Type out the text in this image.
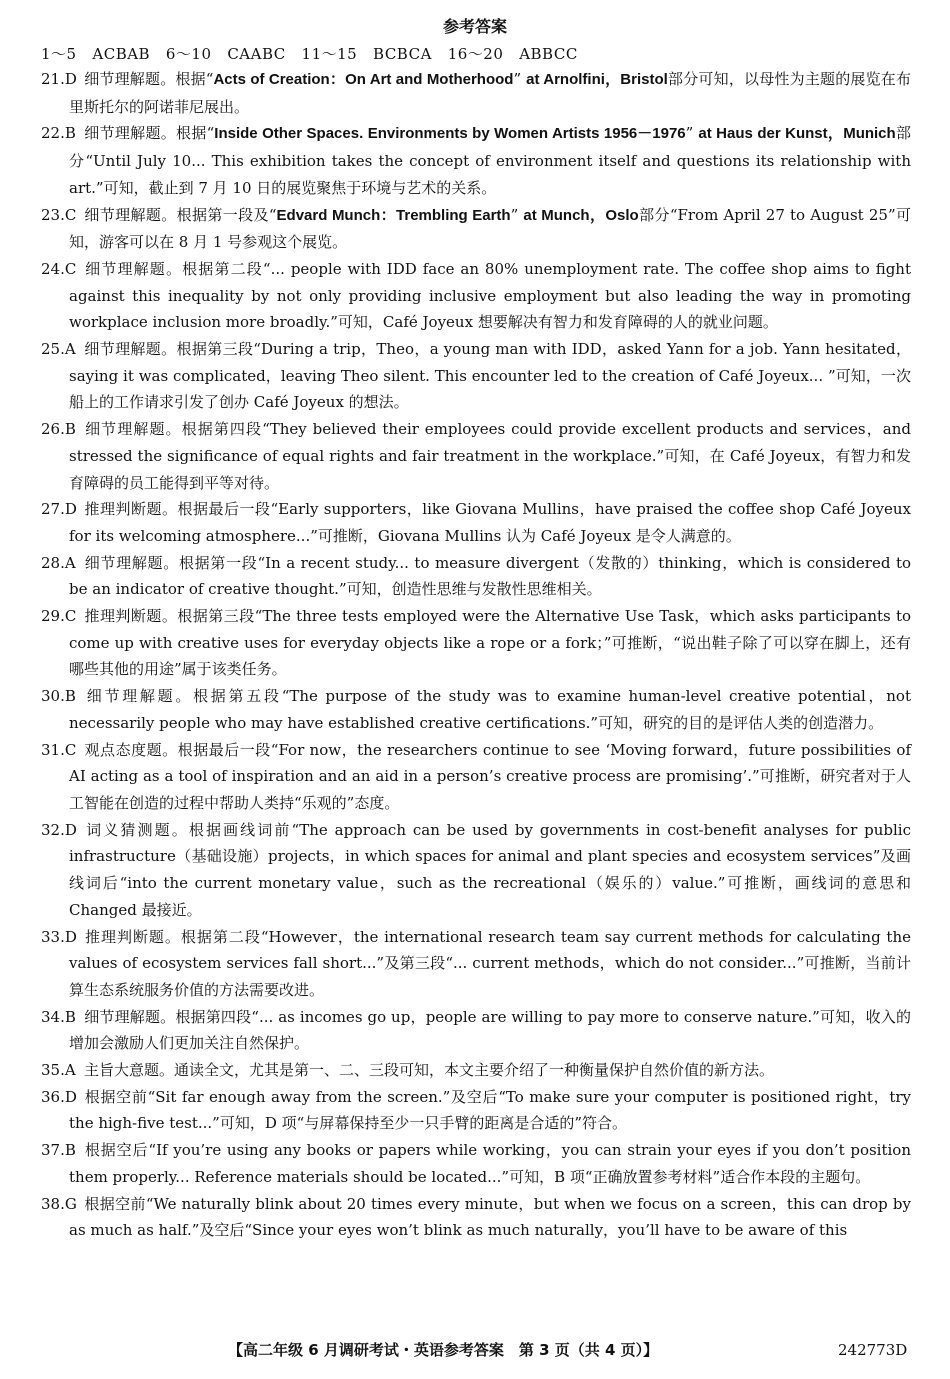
参考答案
1～5   ACBAB   6～10   CAABC   11～15   BCBCA   16～20   ABBCC
21.D
  细节理解题。根据“Acts of Creation：On Art and Motherhood” at Arnolfini，Bristol部分可知，以母性为主题的展览在布里斯托尔的阿诺菲尼展出。
22.B
  细节理解题。根据“Inside Other Spaces. Environments by Women Artists 1956－1976” at Haus der Kunst，Munich部分“Until July 10... This exhibition takes the concept of environment itself and questions its relationship with art.”可知，截止到 7 月 10 日的展览聚焦于环境与艺术的关系。
23.C
  细节理解题。根据第一段及“Edvard Munch：Trembling Earth” at Munch，Oslo部分“From April 27 to August 25”可知，游客可以在 8 月 1 号参观这个展览。
24.C
  细节理解题。根据第二段“... people with IDD face an 80% unemployment rate. The coffee shop aims to fight against this inequality by not only providing inclusive employment but also leading the way in promoting workplace inclusion more broadly.”可知，Café Joyeux 想要解决有智力和发育障碍的人的就业问题。
25.A
  细节理解题。根据第三段“During a trip，Theo，a young man with IDD，asked Yann for a job. Yann hesitated，saying it was complicated，leaving Theo silent. This encounter led to the creation of Café Joyeux... ”可知，一次船上的工作请求引发了创办 Café Joyeux 的想法。
26.B
  细节理解题。根据第四段“They believed their employees could provide excellent products and services，and stressed the significance of equal rights and fair treatment in the workplace.”可知，在 Café Joyeux，有智力和发育障碍的员工能得到平等对待。
27.D
  推理判断题。根据最后一段“Early supporters，like Giovana Mullins，have praised the coffee shop Café Joyeux for its welcoming atmosphere...”可推断，Giovana Mullins 认为 Café Joyeux 是令人满意的。
28.A
  细节理解题。根据第一段“In a recent study... to measure divergent（发散的）thinking，which is considered to be an indicator of creative thought.”可知，创造性思维与发散性思维相关。
29.C
  推理判断题。根据第三段“The three tests employed were the Alternative Use Task，which asks participants to come up with creative uses for everyday objects like a rope or a fork；”可推断，“说出鞋子除了可以穿在脚上，还有哪些其他的用途”属于该类任务。
30.B
  细节理解题。根据第五段“The purpose of the study was to examine human-level creative potential，not necessarily people who may have established creative certifications.”可知，研究的目的是评估人类的创造潜力。
31.C
  观点态度题。根据最后一段“For now，the researchers continue to see ‘Moving forward，future possibilities of AI acting as a tool of inspiration and an aid in a person’s creative process are promising’.”可推断，研究者对于人工智能在创造的过程中帮助人类持“乐观的”态度。
32.D
  词义猜测题。根据画线词前“The approach can be used by governments in cost-benefit analyses for public infrastructure（基础设施）projects，in which spaces for animal and plant species and ecosystem services”及画线词后“into the current monetary value，such as the recreational（娱乐的）value.”可推断，画线词的意思和 Changed 最接近。
33.D
  推理判断题。根据第二段“However，the international research team say current methods for calculating the values of ecosystem services fall short...”及第三段“... current methods，which do not consider...”可推断，当前计算生态系统服务价值的方法需要改进。
34.B
  细节理解题。根据第四段“... as incomes go up，people are willing to pay more to conserve nature.”可知，收入的增加会激励人们更加关注自然保护。
35.A
  主旨大意题。通读全文，尤其是第一、二、三段可知，本文主要介绍了一种衡量保护自然价值的新方法。
36.D
  根据空前“Sit far enough away from the screen.”及空后“To make sure your computer is positioned right，try the high-five test...”可知，D 项“与屏幕保持至少一只手臂的距离是合适的”符合。
37.B
  根据空后“If you’re using any books or papers while working，you can strain your eyes if you don’t position them properly... Reference materials should be located...”可知，B 项“正确放置参考材料”适合作本段的主题句。
38.G
  根据空前“We naturally blink about 20 times every minute，but when we focus on a screen，this can drop by as much as half.”及空后“Since your eyes won’t blink as much naturally，you’ll have to be aware of this
【高二年级 6 月调研考试・英语参考答案　第 3 页（共 4 页）】	242773D
